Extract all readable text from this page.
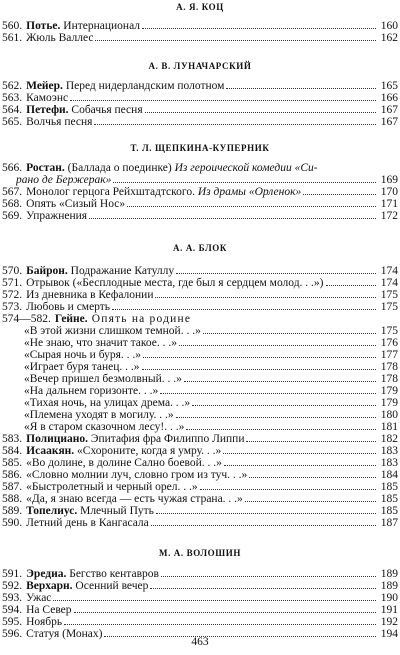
А. Я. КОЦ
А. В. ЛУНАЧАРСКИЙ
Т. Л. ЩЕПКИНА-КУПЕРНИК
А. А. БЛОК
М. А. ВОЛОШИН
560. Потье. Интернационал	160
561. Жюль Валлес	162
562. Мейер. Перед нидерландским полотном	165
563. Камоэнс	166
564. Петефи. Собачья песня	167
565. Волчья песня	167
566. Ростан. (Баллада о поединке) Из героической комедии «Си-
рано де Бержерак»	169
567. Монолог герцога Рейхштадтского. Из драмы «Орленок»	170
568. Опять «Сизый Нос»	171
569. Упражнения	172
570. Байрон. Подражание Катуллу	174
571. Отрывок («Бесплодные места, где был я сердцем молод. . .»)	174
572. Из дневника в Кефалонии	175
573. Любовь и смерть	175
574—582. Гейне. Опять на родине
«В этой жизни слишком темной. . .»	175
«Не знаю, что значит такое. . .»	176
«Сырая ночь и буря. . .»	177
«Играет буря танец. . .»	178
«Вечер пришел безмолвный. . .»	178
«На дальнем горизонте. . .»	179
«Тихая ночь, на улицах дрема. . .»	179
«Племена уходят в могилу. . .»	180
«Я в старом сказочном лесу!. . .»	181
583. Полициано. Эпитафия фра Филиппо Липпи	182
584. Исаакян. «Схороните, когда я умру. . .»	183
585. «Во долине, в долине Сално боевой. . .»	183
586. «Словно молнии луч, словно гром из туч. . .»	184
587. «Быстролетный и черный орел. . .»	185
588. «Да, я знаю всегда — есть чужая страна. . .»	185
589. Топелиус. Млечный Путь	185
590. Летний день в Кангасала	187
591. Эредиа. Бегство кентавров	189
592. Верхарн. Осенний вечер	189
593. Ужас	190
594. На Север	191
595. Ноябрь	192
596. Статуя (Монах)	194
463
